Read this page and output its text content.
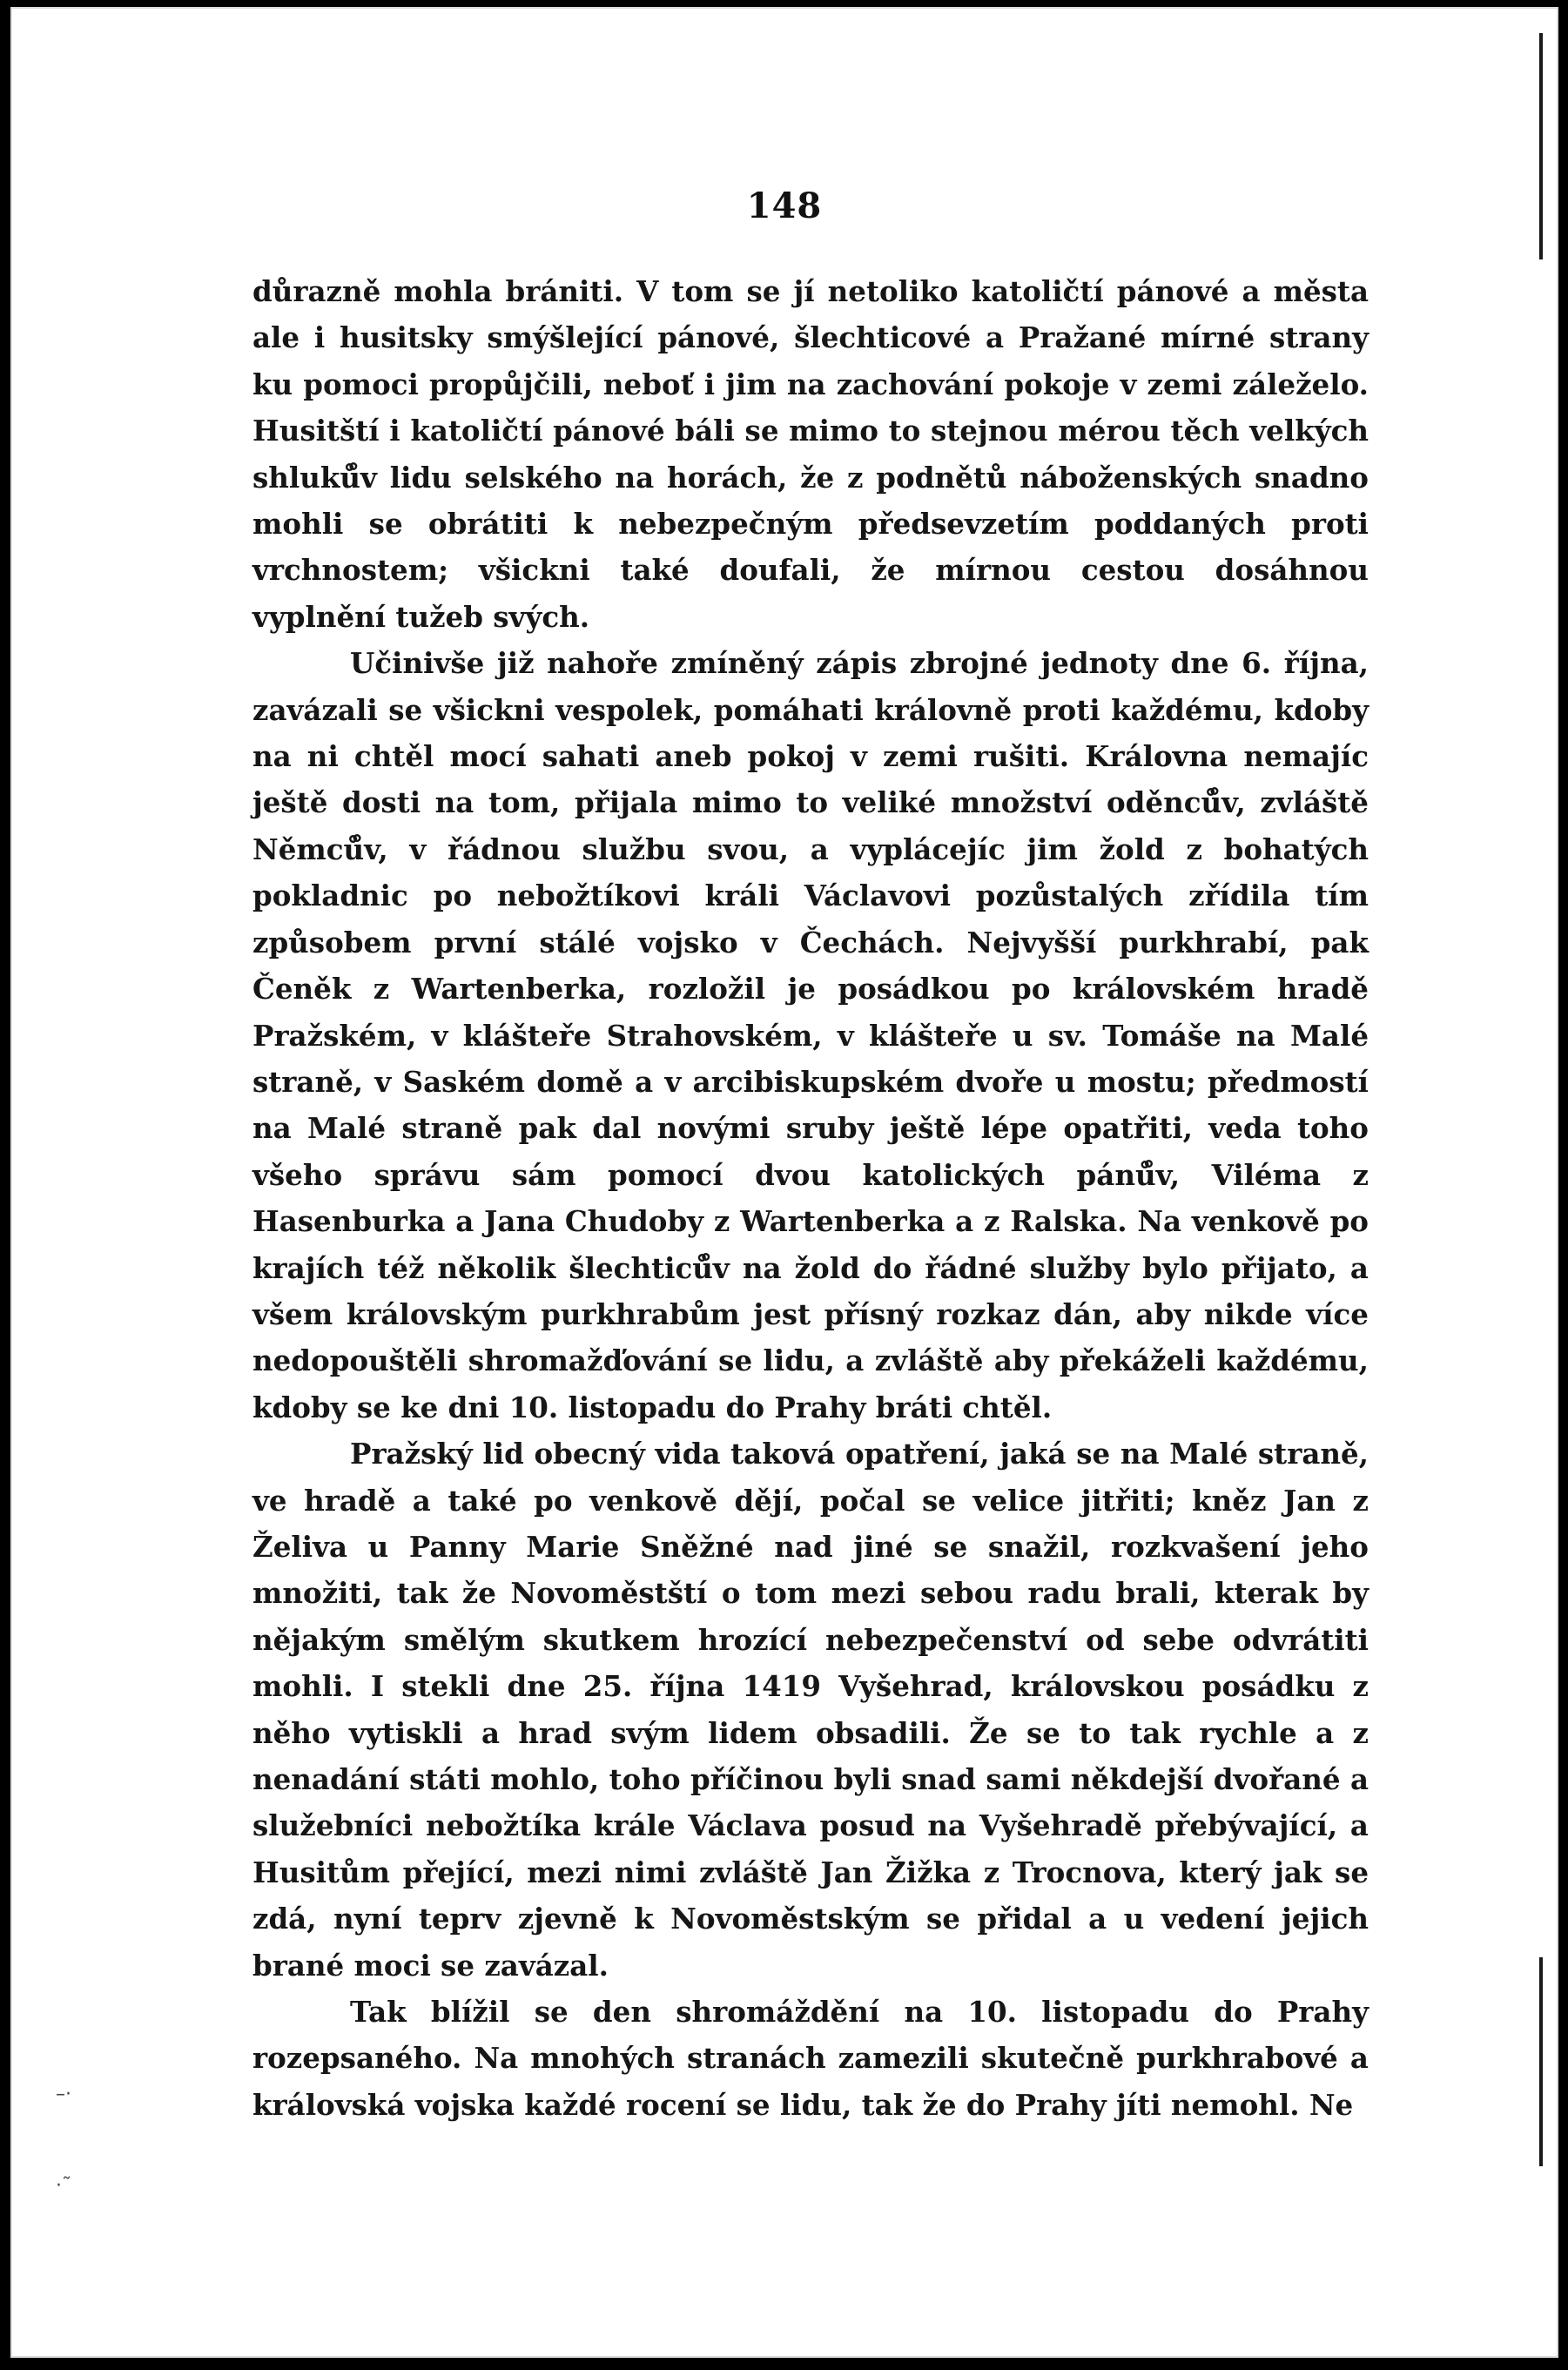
–·
·˜
148

důrazně mohla brániti. V tom se jí netoliko katoličtí pánové a města ale i husitsky smýšlející pánové, šlechticové a Pražané mírné strany ku pomoci propůjčili, neboť i jim na zachování pokoje v zemi záleželo. Husitští i katoličtí pánové báli se mimo to stejnou mérou těch velkých shluků̊v lidu selského na horách, že z podnětů náboženských snadno mohli se obrátiti k nebezpečným předsevzetím poddaných proti vrchnostem; všickni také doufali, že mírnou cestou dosáhnou vyplnění tužeb svých.

Učinivše již nahoře zmíněný zápis zbrojné jednoty dne 6. října, zavázali se všickni vespolek, pomáhati královně proti každému, kdoby na ni chtěl mocí sahati aneb pokoj v zemi rušiti. Královna nemajíc ještě dosti na tom, přijala mimo to veliké množství oděnců̊v, zvláště Němců̊v, v řádnou službu svou, a vyplácejíc jim žold z bohatých pokladnic po nebožtíkovi králi Václavovi pozůstalých zřídila tím způsobem první stálé vojsko v Čechách. Nejvyšší purkhrabí, pak Čeněk z Wartenberka, rozložil je posádkou po královském hradě Pražském, v klášteře Strahovském, v klášteře u sv. Tomáše na Malé straně, v Saském domě a v arcibiskupském dvoře u mostu; předmostí na Malé straně pak dal novými sruby ještě lépe opatřiti, veda toho všeho správu sám pomocí dvou katolických pánů̊v, Viléma z Hasenburka a Jana Chudoby z Wartenberka a z Ralska. Na venkově po krajích též několik šlechticů̊v na žold do řádné služby bylo přijato, a všem královským purkhrabům jest přísný rozkaz dán, aby nikde více nedopouštěli shromažďování se lidu, a zvláště aby překáželi každému, kdoby se ke dni 10. listopadu do Prahy bráti chtěl.

Pražský lid obecný vida taková opatření, jaká se na Malé straně, ve hradě a také po venkově dějí, počal se velice jitřiti; kněz Jan z Želiva u Panny Marie Sněžné nad jiné se snažil, rozkvašení jeho množiti, tak že Novoměstští o tom mezi sebou radu brali, kterak by nějakým smělým skutkem hrozící nebezpečenství od sebe odvrátiti mohli. I stekli dne 25. října 1419 Vyšehrad, královskou posádku z něho vytiskli a hrad svým lidem obsadili. Že se to tak rychle a z nenadání státi mohlo, toho příčinou byli snad sami někdejší dvořané a služebníci nebožtíka krále Václava posud na Vyšehradě přebývající, a Husitům přející, mezi nimi zvláště Jan Žižka z Trocnova, který jak se zdá, nyní teprv zjevně k Novoměstským se přidal a u vedení jejich brané moci se zavázal.

Tak blížil se den shromáždění na 10. listopadu do Prahy rozepsaného. Na mnohých stranách zamezili skutečně purkhrabové a královská vojska každé rocení se lidu, tak že do Prahy jíti nemohl. Ne
